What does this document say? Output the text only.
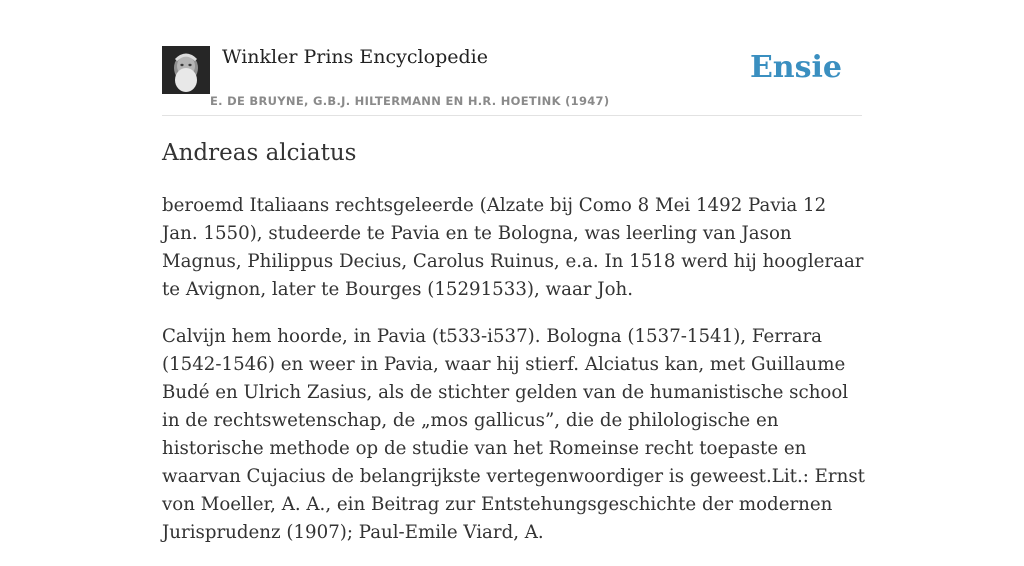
Winkler Prins Encyclopedie
E. DE BRUYNE, G.B.J. HILTERMANN EN H.R. HOETINK (1947)
Ensie
Andreas alciatus

beroemd Italiaans rechtsgeleerde (Alzate bij Como 8 Mei 1492 Pavia 12 Jan. 1550), studeerde te Pavia en te Bologna, was leerling van Jason Magnus, Philippus Decius, Carolus Ruinus, e.a. In 1518 werd hij hoogleraar te Avignon, later te Bourges (15291533), waar Joh.

Calvijn hem hoorde, in Pavia (t533-i537). Bologna (1537-1541), Ferrara (1542-1546) en weer in Pavia, waar hij stierf. Alciatus kan, met Guillaume Budé en Ulrich Zasius, als de stichter gelden van de humanistische school in de rechtswetenschap, de „mos gallicus”, die de philologische en historische methode op de studie van het Romeinse recht toepaste en waarvan Cujacius de belangrijkste vertegenwoordiger is geweest.Lit.: Ernst von Moeller, A. A., ein Beitrag zur Entstehungsgeschichte der modernen Jurisprudenz (1907); Paul-Emile Viard, A.
